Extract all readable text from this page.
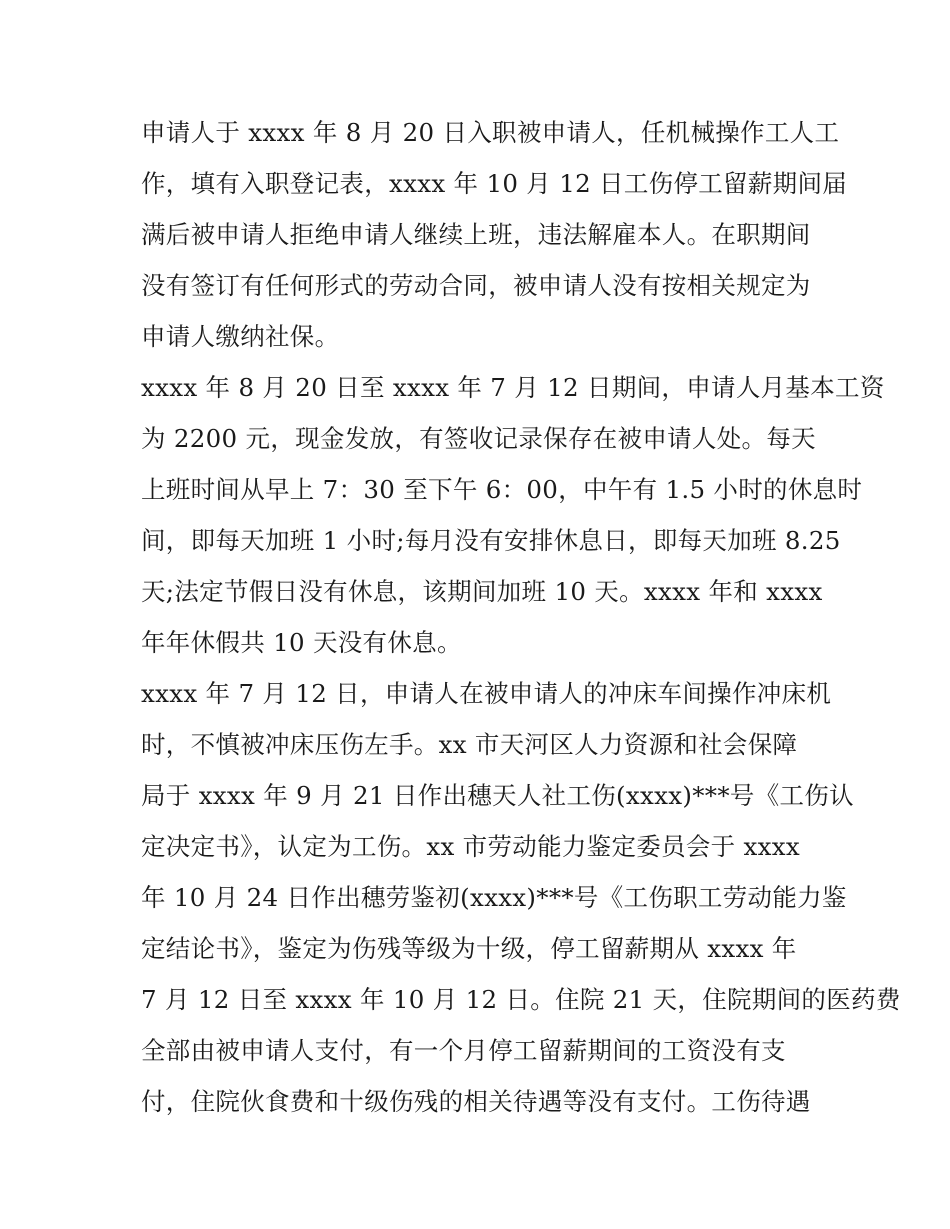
申请人于 xxxx 年 8 月 20 日入职被申请人，任机械操作工人工
作，填有入职登记表，xxxx 年 10 月 12 日工伤停工留薪期间届
满后被申请人拒绝申请人继续上班，违法解雇本人。在职期间
没有签订有任何形式的劳动合同，被申请人没有按相关规定为
申请人缴纳社保。
xxxx 年 8 月 20 日至 xxxx 年 7 月 12 日期间，申请人月基本工资
为 2200 元，现金发放，有签收记录保存在被申请人处。每天
上班时间从早上 7：30 至下午 6：00，中午有 1.5 小时的休息时
间，即每天加班 1 小时;每月没有安排休息日，即每天加班 8.25
天;法定节假日没有休息，该期间加班 10 天。xxxx 年和 xxxx
年年休假共 10 天没有休息。
xxxx 年 7 月 12 日，申请人在被申请人的冲床车间操作冲床机
时，不慎被冲床压伤左手。xx 市天河区人力资源和社会保障
局于 xxxx 年 9 月 21 日作出穗天人社工伤(xxxx)***号《工伤认
定决定书》，认定为工伤。xx 市劳动能力鉴定委员会于 xxxx
年 10 月 24 日作出穗劳鉴初(xxxx)***号《工伤职工劳动能力鉴
定结论书》，鉴定为伤残等级为十级，停工留薪期从 xxxx 年
7 月 12 日至 xxxx 年 10 月 12 日。住院 21 天，住院期间的医药费
全部由被申请人支付，有一个月停工留薪期间的工资没有支
付，住院伙食费和十级伤残的相关待遇等没有支付。工伤待遇
